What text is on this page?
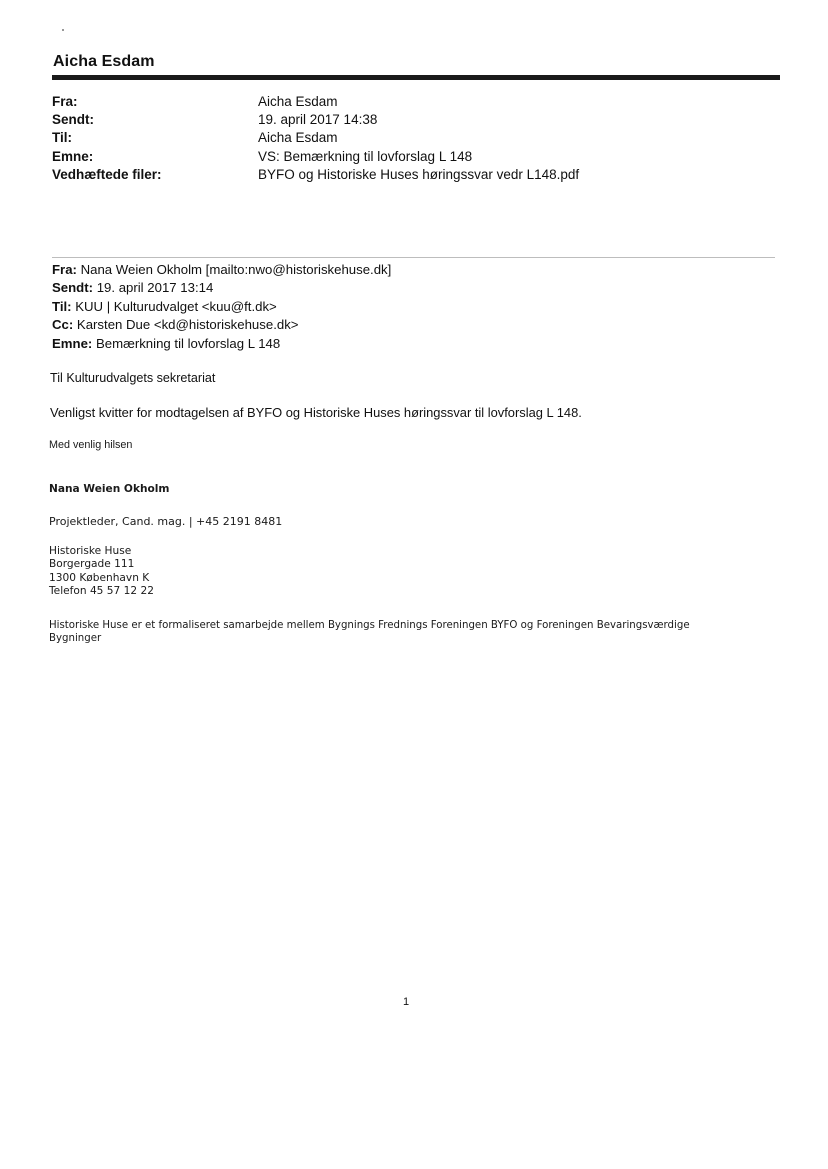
Aicha Esdam
Fra:	Aicha Esdam
Sendt:	19. april 2017 14:38
Til:	Aicha Esdam
Emne:	VS: Bemærkning til lovforslag L 148
Vedhæftede filer:	BYFO og Historiske Huses høringssvar vedr L148.pdf
Fra: Nana Weien Okholm [mailto:nwo@historiskehuse.dk]
Sendt: 19. april 2017 13:14
Til: KUU | Kulturudvalget <kuu@ft.dk>
Cc: Karsten Due <kd@historiskehuse.dk>
Emne: Bemærkning til lovforslag L 148
Til Kulturudvalgets sekretariat
Venligst kvitter for modtagelsen af BYFO og Historiske Huses høringssvar til lovforslag L 148.
Med venlig hilsen
Nana Weien Okholm
Projektleder, Cand. mag. | +45 2191 8481
Historiske Huse
Borgergade 111
1300 København K
Telefon 45 57 12 22
Historiske Huse er et formaliseret samarbejde mellem Bygnings Frednings Foreningen BYFO og Foreningen Bevaringsværdige
Bygninger
1
